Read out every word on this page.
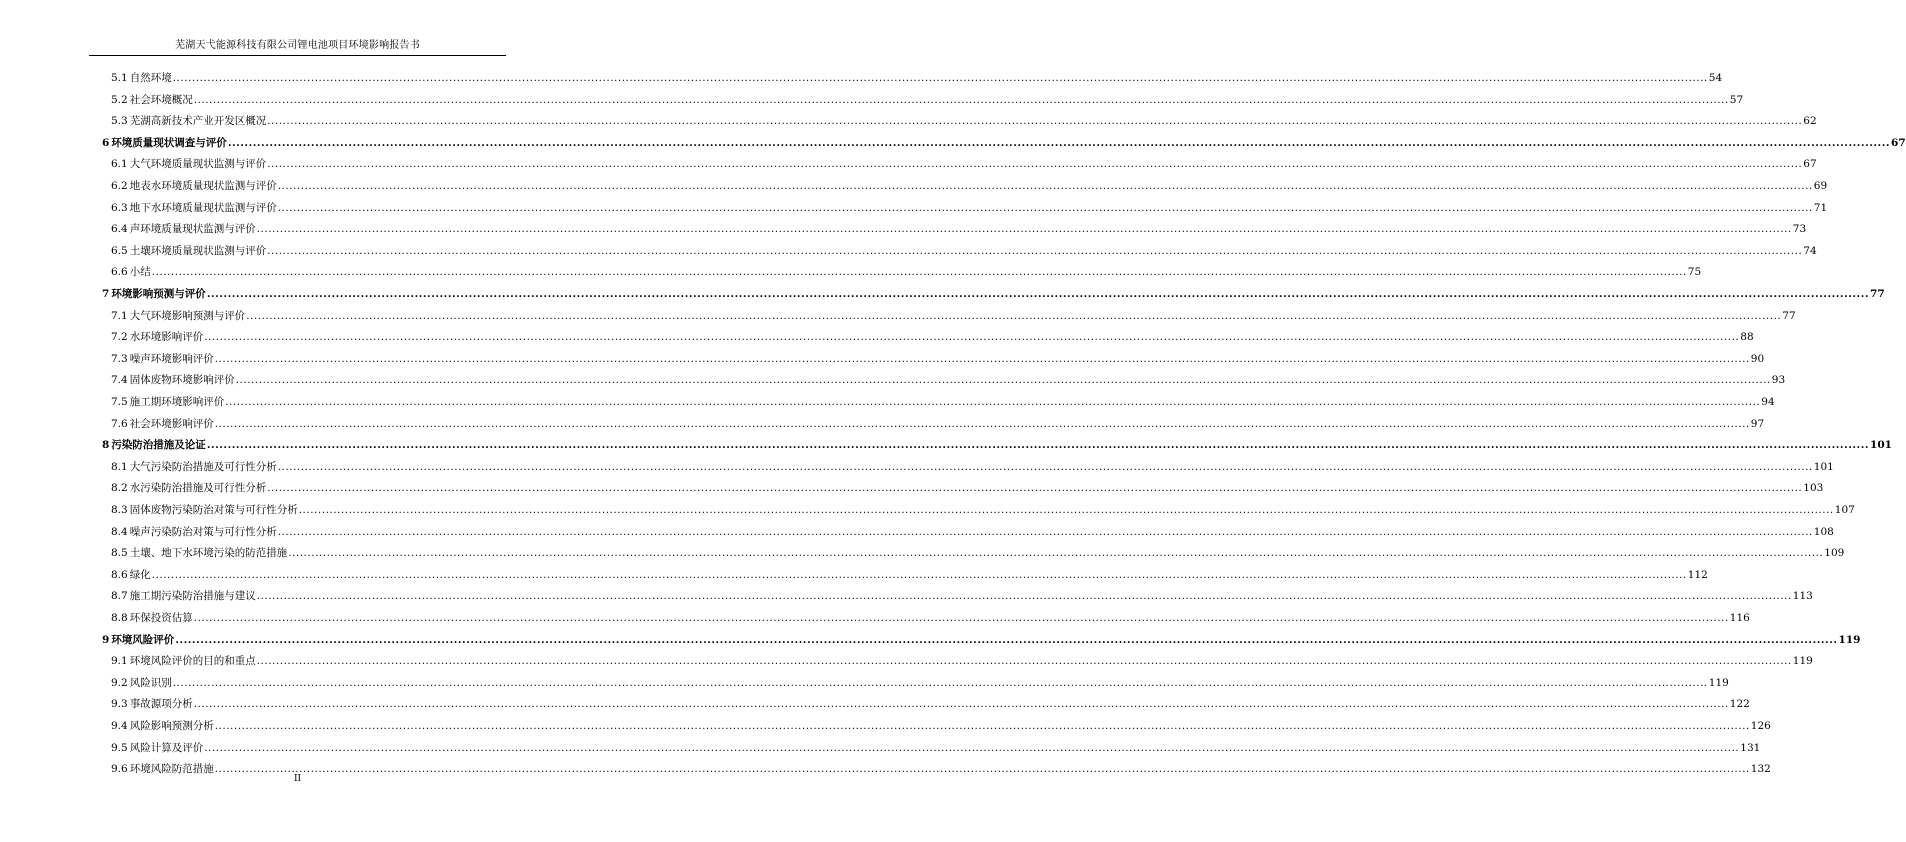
芜湖天弋能源科技有限公司锂电池项目环境影响报告书
5.1 自然环境 ................................................................................................................................................................................................................................................................................................................................................................................................................ 54
5.2 社会环境概况 ................................................................................................................................................................................................................................................................................................................................................................................................................ 57
5.3 芜湖高新技术产业开发区概况 ................................................................................................................................................................................................................................................................................................................................................................................................................ 62
6 环境质量现状调查与评价 ................................................................................................................................................................................................................................................................................................................................................................................................................ 67
6.1 大气环境质量现状监测与评价 ................................................................................................................................................................................................................................................................................................................................................................................................................ 67
6.2 地表水环境质量现状监测与评价 ................................................................................................................................................................................................................................................................................................................................................................................................................ 69
6.3 地下水环境质量现状监测与评价 ................................................................................................................................................................................................................................................................................................................................................................................................................ 71
6.4 声环境质量现状监测与评价 ................................................................................................................................................................................................................................................................................................................................................................................................................ 73
6.5 土壤环境质量现状监测与评价 ................................................................................................................................................................................................................................................................................................................................................................................................................ 74
6.6 小结 ................................................................................................................................................................................................................................................................................................................................................................................................................ 75
7 环境影响预测与评价 ................................................................................................................................................................................................................................................................................................................................................................................................................ 77
7.1 大气环境影响预测与评价 ................................................................................................................................................................................................................................................................................................................................................................................................................ 77
7.2 水环境影响评价 ................................................................................................................................................................................................................................................................................................................................................................................................................ 88
7.3 噪声环境影响评价 ................................................................................................................................................................................................................................................................................................................................................................................................................ 90
7.4 固体废物环境影响评价 ................................................................................................................................................................................................................................................................................................................................................................................................................ 93
7.5 施工期环境影响评价 ................................................................................................................................................................................................................................................................................................................................................................................................................ 94
7.6 社会环境影响评价 ................................................................................................................................................................................................................................................................................................................................................................................................................ 97
8 污染防治措施及论证 ................................................................................................................................................................................................................................................................................................................................................................................................................ 101
8.1 大气污染防治措施及可行性分析 ................................................................................................................................................................................................................................................................................................................................................................................................................ 101
8.2 水污染防治措施及可行性分析 ................................................................................................................................................................................................................................................................................................................................................................................................................ 103
8.3 固体废物污染防治对策与可行性分析 ................................................................................................................................................................................................................................................................................................................................................................................................................ 107
8.4 噪声污染防治对策与可行性分析 ................................................................................................................................................................................................................................................................................................................................................................................................................ 108
8.5 土壤、地下水环境污染的防范措施 ................................................................................................................................................................................................................................................................................................................................................................................................................ 109
8.6 绿化 ................................................................................................................................................................................................................................................................................................................................................................................................................ 112
8.7 施工期污染防治措施与建议 ................................................................................................................................................................................................................................................................................................................................................................................................................ 113
8.8 环保投资估算 ................................................................................................................................................................................................................................................................................................................................................................................................................ 116
9 环境风险评价 ................................................................................................................................................................................................................................................................................................................................................................................................................ 119
9.1 环境风险评价的目的和重点 ................................................................................................................................................................................................................................................................................................................................................................................................................ 119
9.2 风险识别 ................................................................................................................................................................................................................................................................................................................................................................................................................ 119
9.3 事故源项分析 ................................................................................................................................................................................................................................................................................................................................................................................................................ 122
9.4 风险影响预测分析 ................................................................................................................................................................................................................................................................................................................................................................................................................ 126
9.5 风险计算及评价 ................................................................................................................................................................................................................................................................................................................................................................................................................ 131
9.6 环境风险防范措施 ................................................................................................................................................................................................................................................................................................................................................................................................................ 132
II
